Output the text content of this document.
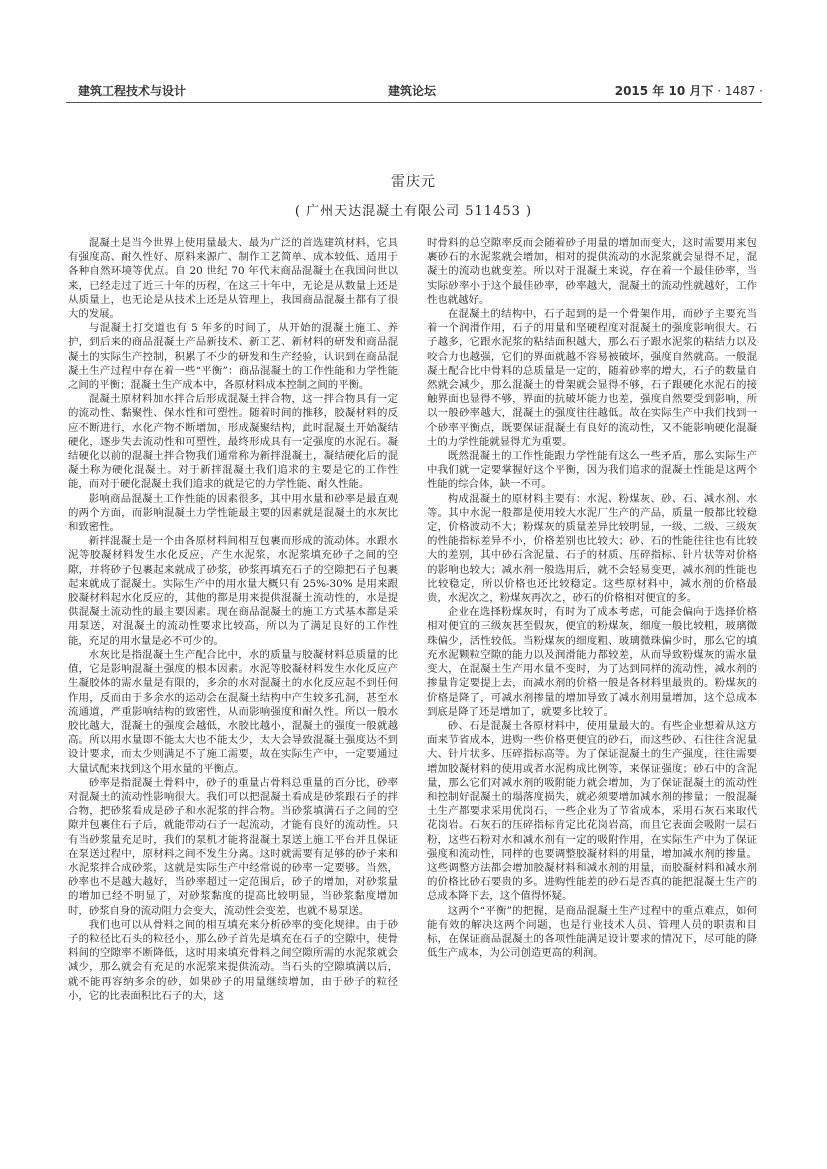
建筑工程技术与设计	建筑论坛	2015 年 10 月下 · 1487 ·
雷庆元
( 广州天达混凝土有限公司 511453 )

混凝土是当今世界上使用量最大、最为广泛的首选建筑材料，它具有强度高、耐久性好、原料来源广、制作工艺简单、成本较低、适用于各种自然环境等优点。自 20 世纪 70 年代末商品混凝土在我国问世以来，已经走过了近三十年的历程，在这三十年中，无论是从数量上还是从质量上，也无论是从技术上还是从管理上，我国商品混凝土都有了很大的发展。

与混凝土打交道也有 5 年多的时间了，从开始的混凝土施工、养护，到后来的商品混凝土产品新技术、新工艺、新材料的研发和商品混凝土的实际生产控制，积累了不少的研发和生产经验，认识到在商品混凝土生产过程中存在着一些“平衡”：商品混凝土的工作性能和力学性能之间的平衡；混凝土生产成本中，各原材料成本控制之间的平衡。

混凝土原材料加水拌合后形成混凝土拌合物，这一拌合物具有一定的流动性、黏聚性、保水性和可塑性。随着时间的推移，胶凝材料的反应不断进行，水化产物不断增加，形成凝聚结构，此时混凝土开始凝结硬化，逐步失去流动性和可塑性，最终形成具有一定强度的水泥石。凝结硬化以前的混凝土拌合物我们通常称为新拌混凝土，凝结硬化后的混凝土称为硬化混凝土。对于新拌混凝土我们追求的主要是它的工作性能，而对于硬化混凝土我们追求的就是它的力学性能、耐久性能。

影响商品混凝土工作性能的因素很多，其中用水量和砂率是最直观的两个方面，而影响混凝土力学性能最主要的因素就是混凝土的水灰比和致密性。

新拌混凝土是一个由各原材料间相互包裹而形成的流动体。水跟水泥等胶凝材料发生水化反应，产生水泥浆，水泥浆填充砂子之间的空隙，并将砂子包裹起来就成了砂浆，砂浆再填充石子的空隙把石子包裹起来就成了混凝土。实际生产中的用水量大概只有 25%-30% 是用来跟胶凝材料起水化反应的，其他的都是用来提供混凝土流动性的，水是提供混凝土流动性的最主要因素。现在商品混凝土的施工方式基本都是采用泵送，对混凝土的流动性要求比较高，所以为了满足良好的工作性能，充足的用水量是必不可少的。

水灰比是指混凝土生产配合比中，水的质量与胶凝材料总质量的比值，它是影响混凝土强度的根本因素。水泥等胶凝材料发生水化反应产生凝胶体的需水量是有限的，多余的水对混凝土的水化反应起不到任何作用，反而由于多余水的运动会在混凝土结构中产生较多孔洞，甚至水流通道，严重影响结构的致密性，从而影响强度和耐久性。所以一般水胶比越大，混凝土的强度会越低，水胶比越小，混凝土的强度一般就越高。所以用水量即不能太大也不能太少，太大会导致混凝土强度达不到设计要求，而太少则满足不了施工需要，故在实际生产中，一定要通过大量试配来找到这个用水量的平衡点。

砂率是指混凝土骨料中，砂子的重量占骨料总重量的百分比，砂率对混凝土的流动性影响很大。我们可以把混凝土看成是砂浆跟石子的拌合物，把砂浆看成是砂子和水泥浆的拌合物。当砂浆填满石子之间的空隙并包裹住石子后，就能带动石子一起流动，才能有良好的流动性。只有当砂浆量充足时，我们的泵机才能将混凝土泵送上施工平台并且保证在泵送过程中，原材料之间不发生分离。这时就需要有足够的砂子来和水泥浆拌合成砂浆，这就是实际生产中经常说的砂率一定要够。当然，砂率也不是越大越好，当砂率超过一定范围后，砂子的增加，对砂浆量的增加已经不明显了，对砂浆黏度的提高比较明显，当砂浆黏度增加时，砂浆自身的流动阻力会变大，流动性会变差，也就不易泵送。

我们也可以从骨料之间的相互填充来分析砂率的变化规律。由于砂子的粒径比石头的粒径小，那么砂子首先是填充在石子的空隙中，使骨料间的空隙率不断降低，这时用来填充骨料之间空隙所需的水泥浆就会减少，那么就会有充足的水泥浆来提供流动。当石头的空隙填满以后，就不能再容纳多余的砂，如果砂子的用量继续增加，由于砂子的粒径小，它的比表面积比石子的大，这

时骨料的总空隙率反而会随着砂子用量的增加而变大，这时需要用来包裹砂石的水泥浆就会增加，相对的提供流动的水泥浆就会显得不足，混凝土的流动也就变差。所以对于混凝土来说，存在着一个最佳砂率，当实际砂率小于这个最佳砂率，砂率越大，混凝土的流动性就越好，工作性也就越好。

在混凝土的结构中，石子起到的是一个骨架作用，而砂子主要充当着一个润滑作用，石子的用量和坚硬程度对混凝土的强度影响很大。石子越多，它跟水泥浆的粘结面积越大，那么石子跟水泥浆的粘结力以及咬合力也越强，它们的界面就越不容易被破坏，强度自然就高。一般混凝土配合比中骨料的总质量是一定的，随着砂率的增大，石子的数量自然就会减少，那么混凝土的骨架就会显得不够，石子跟硬化水泥石的接触界面也显得不够，界面的抗破坏能力也差，强度自然要受到影响，所以一般砂率越大，混凝土的强度往往越低。故在实际生产中我们找到一个砂率平衡点，既要保证混凝土有良好的流动性，又不能影响硬化混凝土的力学性能就显得尤为重要。

既然混凝土的工作性能跟力学性能有这么一些矛盾，那么实际生产中我们就一定要掌握好这个平衡，因为我们追求的混凝土性能是这两个性能的综合体，缺一不可。

构成混凝土的原材料主要有：水泥、粉煤灰、砂、石、减水剂、水等。其中水泥一般都是使用较大水泥厂生产的产品，质量一般都比较稳定，价格波动不大；粉煤灰的质量差异比较明显，一级、二级、三级灰的性能指标差异不小，价格差别也比较大；砂、石的性能往往也有比较大的差别，其中砂石含泥量、石子的材质、压碎指标、针片状等对价格的影响也较大；减水剂一般选用后，就不会轻易变更，减水剂的性能也比较稳定，所以价格也还比较稳定。这些原材料中，减水剂的价格最贵，水泥次之，粉煤灰再次之，砂石的价格相对便宜的多。

企业在选择粉煤灰时，有时为了成本考虑，可能会偏向于选择价格相对便宜的三级灰甚至假灰，便宜的粉煤灰，细度一般比较粗，玻璃微珠偏少，活性较低。当粉煤灰的细度粗、玻璃微珠偏少时，那么它的填充水泥颗粒空隙的能力以及润滑能力都较差，从而导致粉煤灰的需水量变大，在混凝土生产用水量不变时，为了达到同样的流动性，减水剂的掺量肯定要提上去，而减水剂的价格一般是各材料里最贵的。粉煤灰的价格是降了，可减水剂掺量的增加导致了减水剂用量增加，这个总成本到底是降了还是增加了，就要多比较了。

砂、石是混凝土各原材料中，使用量最大的。有些企业想着从这方面来节省成本，进购一些价格更便宜的砂石，而这些砂、石往往含泥量大、针片状多、压碎指标高等。为了保证混凝土的生产强度，往往需要增加胶凝材料的使用或者水泥构成比例等，来保证强度；砂石中的含泥量，那么它们对减水剂的吸附能力就会增加，为了保证混凝土的流动性和控制好混凝土的塌落度损失，就必须要增加减水剂的掺量；一般混凝土生产都要求采用优岗石，一些企业为了节省成本，采用石灰石来取代花岗岩。石灰石的压碎指标肯定比花岗岩高，而且它表面会吸附一层石粉，这些石粉对水和减水剂有一定的吸附作用，在实际生产中为了保证强度和流动性，同样的也要调整胶凝材料的用量，增加减水剂的掺量。这些调整方法都会增加胶凝材料和减水剂的用量，而胶凝材料和减水剂的价格比砂石要贵的多。进购性能差的砂石是否真的能把混凝土生产的总成本降下去，这个值得怀疑。

这两个“平衡”的把握，是商品混凝土生产过程中的重点难点，如何能有效的解决这两个问题，也是行业技术人员、管理人员的职责和目标，在保证商品混凝土的各项性能满足设计要求的情况下，尽可能的降低生产成本，为公司创造更高的利润。
